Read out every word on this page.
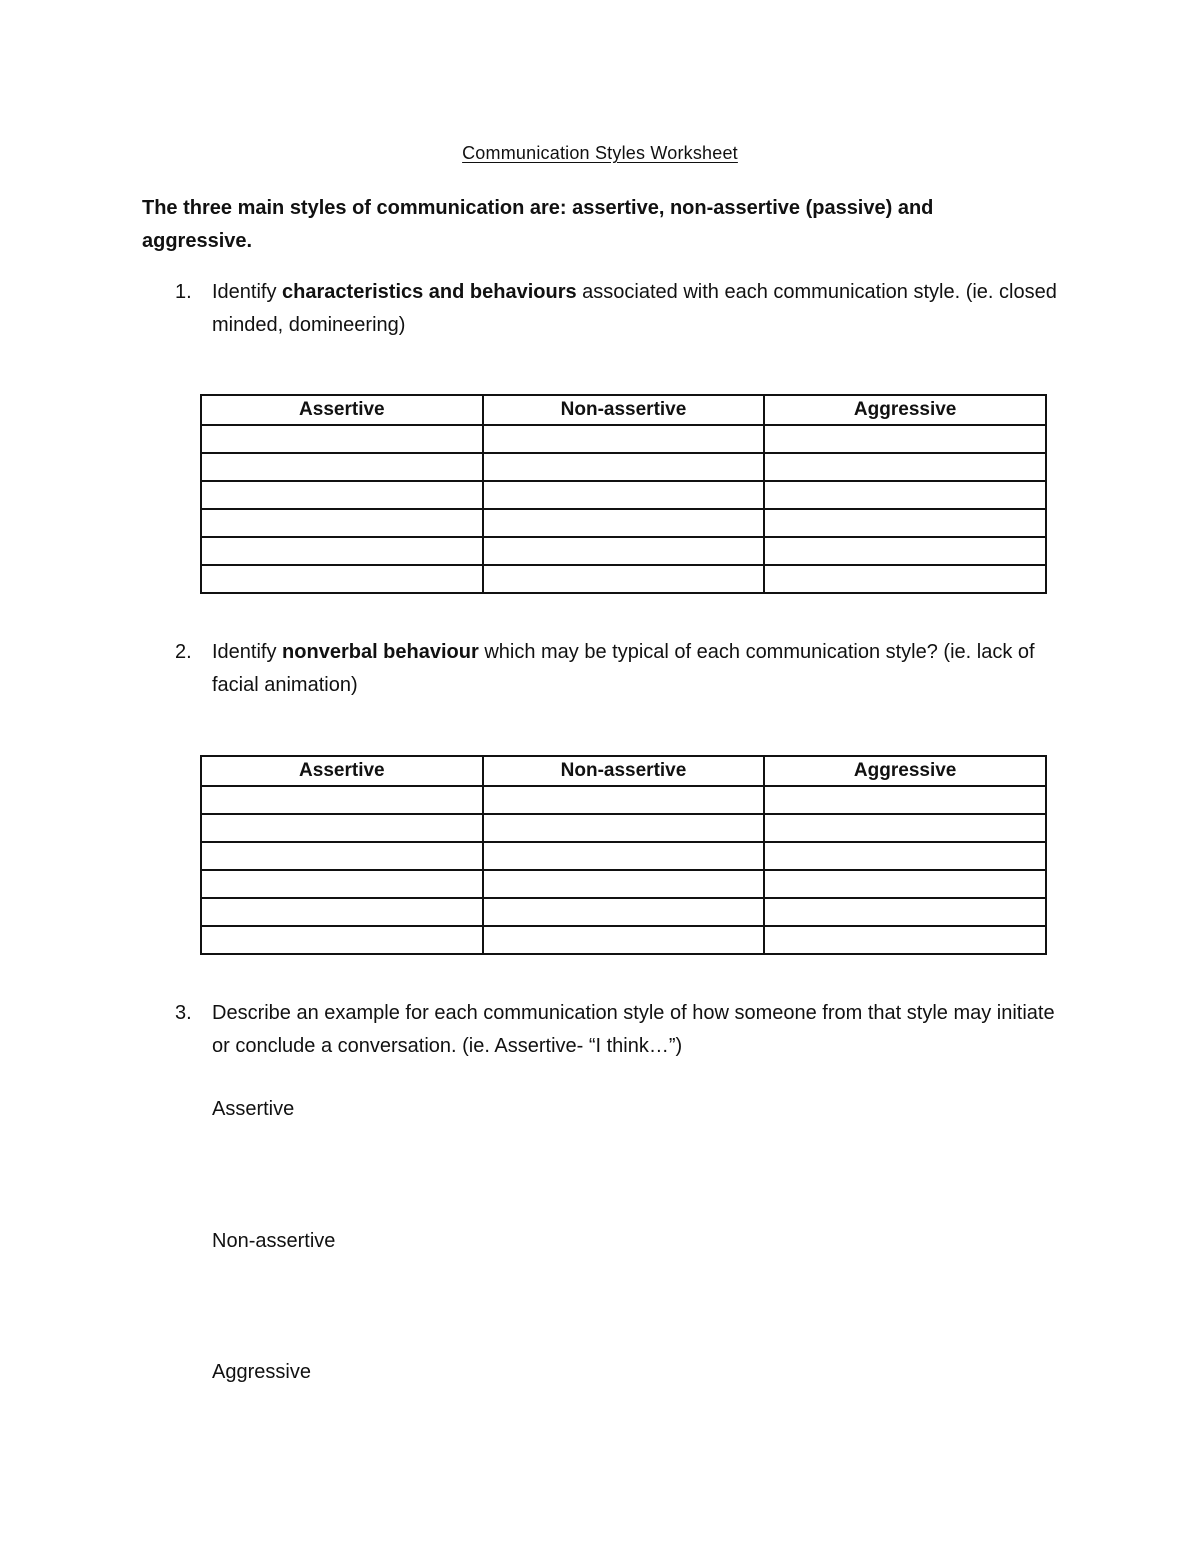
Communication Styles Worksheet
The three main styles of communication are: assertive, non-assertive (passive) and aggressive.
1. Identify characteristics and behaviours associated with each communication style. (ie. closed minded, domineering)
Assertive	Non-assertive	Aggressive

2. Identify nonverbal behaviour which may be typical of each communication style? (ie. lack of facial animation)
Assertive	Non-assertive	Aggressive

3. Describe an example for each communication style of how someone from that style may initiate or conclude a conversation. (ie. Assertive- “I think…”)
Assertive
Non-assertive
Aggressive
